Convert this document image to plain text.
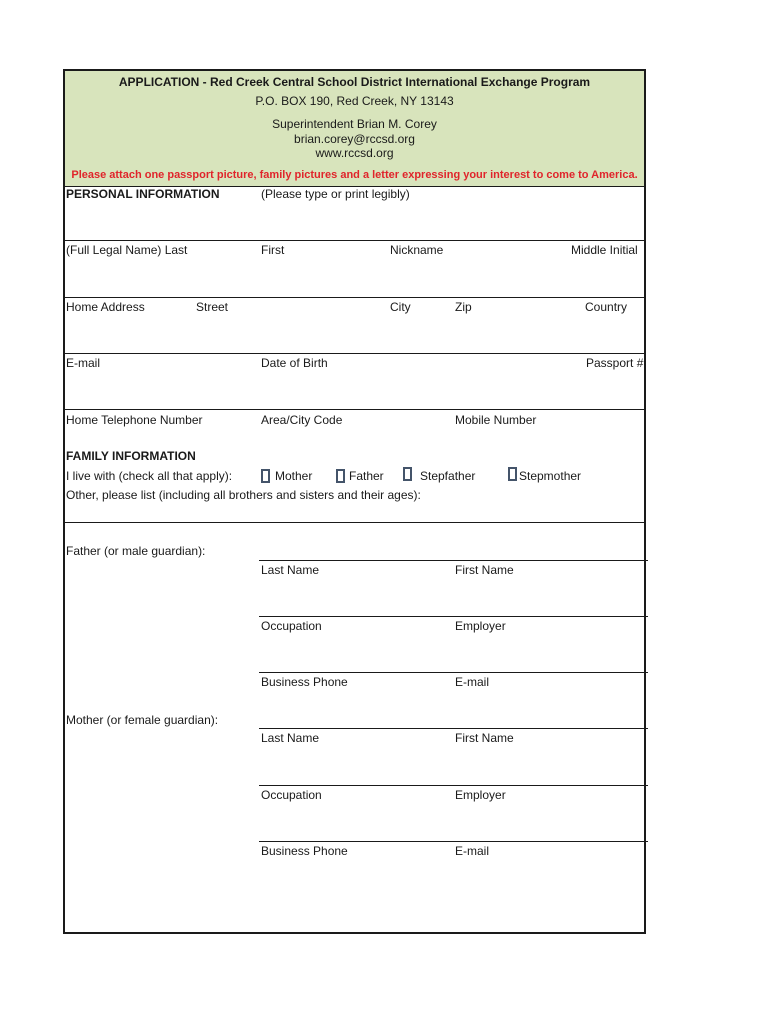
APPLICATION - Red Creek Central School District International Exchange Program
P.O. BOX 190, Red Creek, NY 13143
Superintendent Brian M. Corey
brian.corey@rccsd.org
www.rccsd.org
Please attach one passport picture, family pictures and a letter expressing your interest to come to America.
PERSONAL INFORMATION	(Please type or print legibly)
(Full Legal Name) Last	First	Nickname	Middle Initial
Home Address	Street	City	Zip	Country
E-mail	Date of Birth	Passport #
Home Telephone Number	Area/City Code	Mobile Number
FAMILY INFORMATION
I live with (check all that apply):	Mother	Father	Stepfather	Stepmother
Other, please list (including all brothers and sisters and their ages):
Father (or male guardian):
Last Name	First Name
Occupation	Employer
Business Phone	E-mail
Mother (or female guardian):
Last Name	First Name
Occupation	Employer
Business Phone	E-mail
